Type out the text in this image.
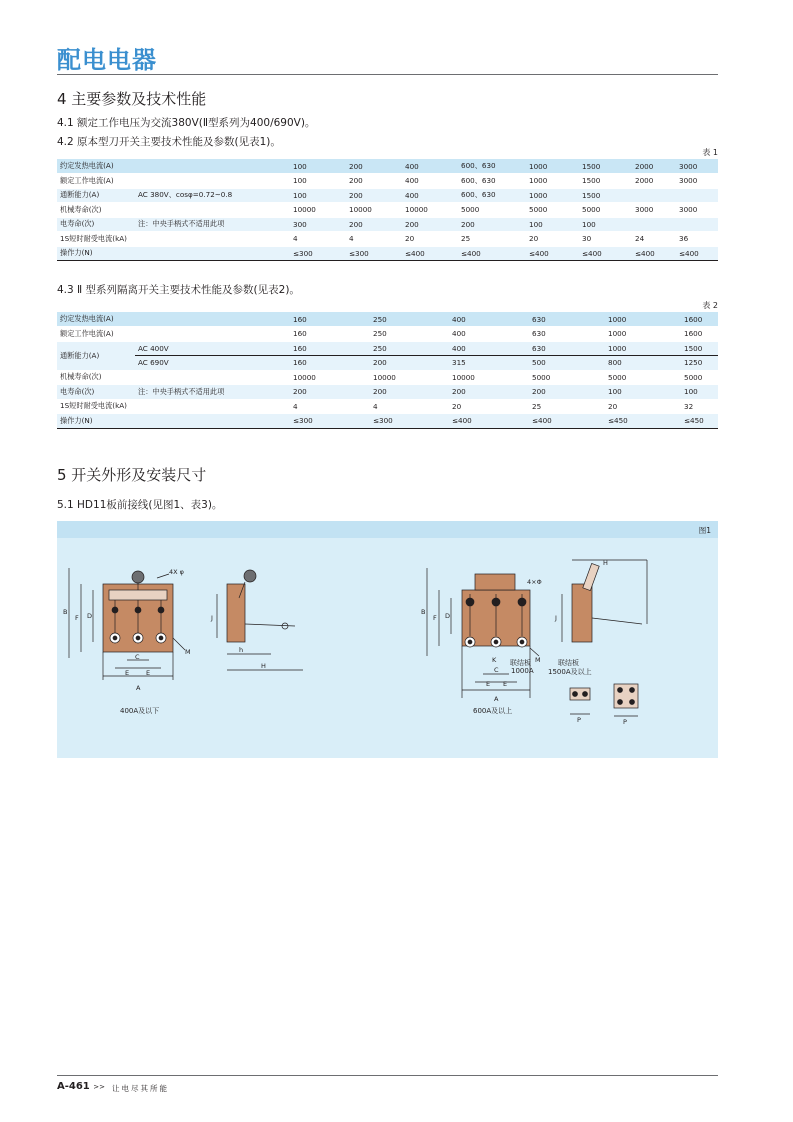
配电电器
4 主要参数及技术性能
4.1 额定工作电压为交流380V(Ⅱ型系列为400/690V)。
4.2 原本型刀开关主要技术性能及参数(见表1)。
表 1
约定发热电流(A)		100	200	400	600、630	1000	1500	2000	3000
额定工作电流(A)		100	200	400	600、630	1000	1500	2000	3000
通断能力(A)	AC 380V、cosφ=0.72~0.8	100	200	400	600、630	1000	1500		
机械寿命(次)		10000	10000	10000	5000	5000	5000	3000	3000
电寿命(次)	注：中央手柄式不适用此项	300	200	200	200	100	100		
1S短时耐受电流(kA)		4	4	20	25	20	30	24	36
操作力(N)		≤300	≤300	≤400	≤400	≤400	≤400	≤400	≤400
4.3 Ⅱ 型系列隔离开关主要技术性能及参数(见表2)。
表 2
约定发热电流(A)		160	250	400	630	1000	1600
额定工作电流(A)		160	250	400	630	1000	1600
通断能力(A)	AC 400V	160	250	400	630	1000	1500
	AC 690V	160	200	315	500	800	1250
机械寿命(次)		10000	10000	10000	5000	5000	5000
电寿命(次)	注：中央手柄式不适用此项	200	200	200	200	100	100
1S短时耐受电流(kA)		4	4	20	25	20	32
操作力(N)		≤300	≤300	≤400	≤400	≤450	≤450
5 开关外形及安装尺寸
5.1 HD11板前接线(见图1、表3)。
图1
B
F D
C
E	E
A
M
4X φ
J
h
H
B
F D
K
C
E E
A
M
4×Φ
J
H
P	P
联结板
1000A
联结板
1500A及以上
400A及以下	600A及以上
A-461 >> 让电尽其所能
